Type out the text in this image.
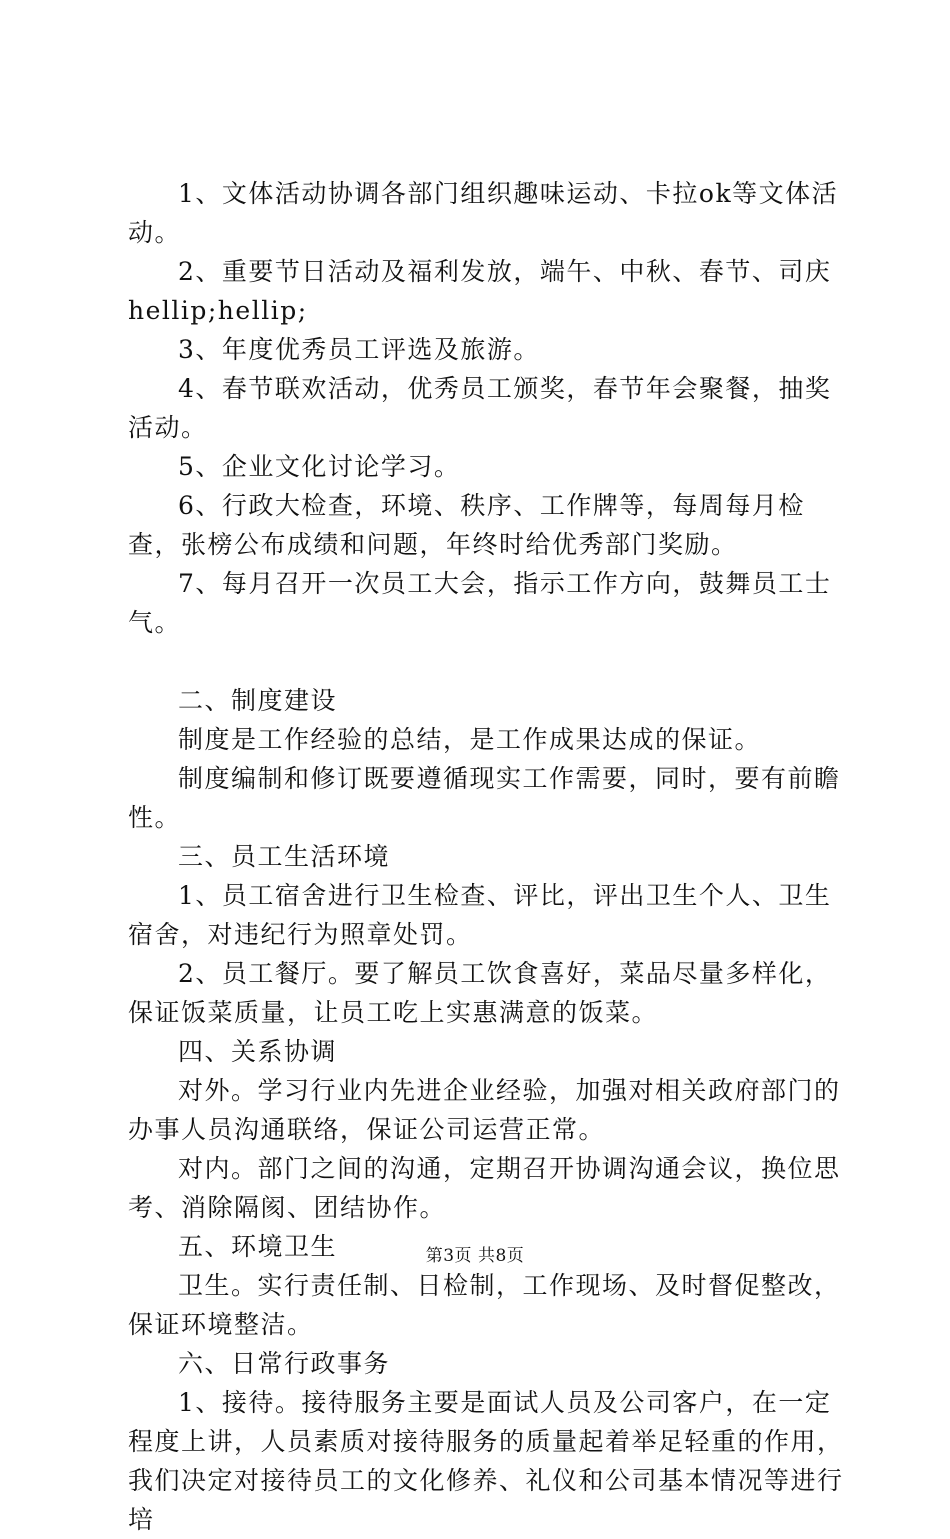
1、文体活动协调各部门组织趣味运动、卡拉ok等文体活动。

2、重要节日活动及福利发放，端午、中秋、春节、司庆hellip;hellip;

3、年度优秀员工评选及旅游。

4、春节联欢活动，优秀员工颁奖，春节年会聚餐，抽奖活动。

5、企业文化讨论学习。

6、行政大检查，环境、秩序、工作牌等，每周每月检查，张榜公布成绩和问题，年终时给优秀部门奖励。

7、每月召开一次员工大会，指示工作方向，鼓舞员工士气。

二、制度建设

制度是工作经验的总结，是工作成果达成的保证。

制度编制和修订既要遵循现实工作需要，同时，要有前瞻性。

三、员工生活环境

1、员工宿舍进行卫生检查、评比，评出卫生个人、卫生宿舍，对违纪行为照章处罚。

2、员工餐厅。要了解员工饮食喜好，菜品尽量多样化，保证饭菜质量，让员工吃上实惠满意的饭菜。

四、关系协调

对外。学习行业内先进企业经验，加强对相关政府部门的办事人员沟通联络，保证公司运营正常。

对内。部门之间的沟通，定期召开协调沟通会议，换位思考、消除隔阂、团结协作。

五、环境卫生

卫生。实行责任制、日检制，工作现场、及时督促整改，保证环境整洁。

六、日常行政事务

1、接待。接待服务主要是面试人员及公司客户，在一定程度上讲，人员素质对接待服务的质量起着举足轻重的作用，我们决定对接待员工的文化修养、礼仪和公司基本情况等进行培

第3页 共8页
